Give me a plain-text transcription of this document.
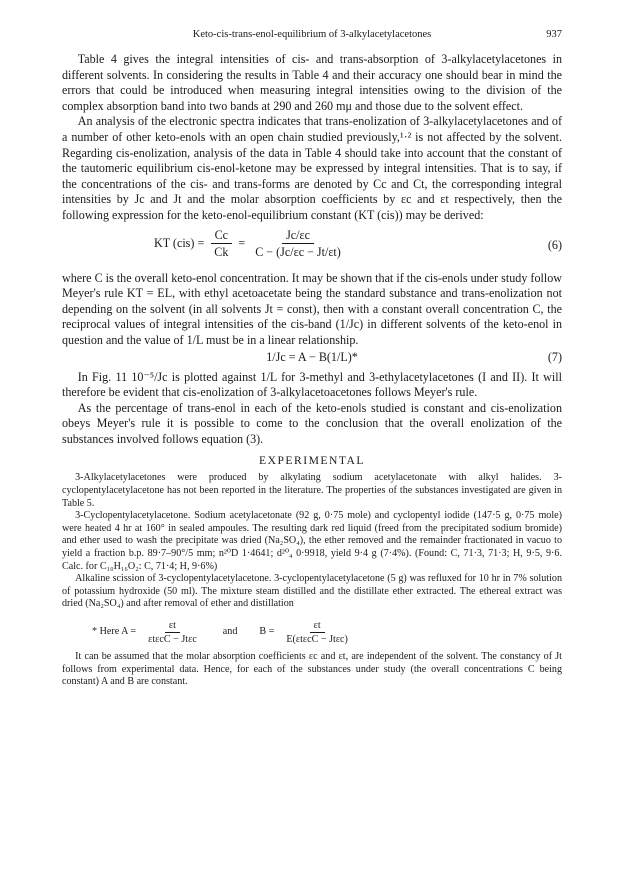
Keto-cis-trans-enol-equilibrium of 3-alkylacetylacetones	937

Table 4 gives the integral intensities of cis- and trans-absorption of 3-alkylacetylacetones in different solvents. In considering the results in Table 4 and their accuracy one should bear in mind the errors that could be introduced when measuring integral intensities owing to the division of the complex absorption band into two bands at 290 and 260 mμ and those due to the solvent effect.

An analysis of the electronic spectra indicates that trans-enolization of 3-alkylacetylacetones and of a number of other keto-enols with an open chain studied previously,¹·² is not affected by the solvent. Regarding cis-enolization, analysis of the data in Table 4 should take into account that the constant of the tautomeric equilibrium cis-enol-ketone may be expressed by integral intensities. That is to say, if the concentrations of the cis- and trans-forms are denoted by Cc and Ct, the corresponding integral intensities by Jc and Jt and the molar absorption coefficients by εc and εt respectively, then the following expression for the keto-enol-equilibrium constant (KT (cis)) may be derived:

KT $(cis) = \frac{Cc}{Ck} = \frac{Jc/\varepsilon c}{C - (Jc/\varepsilon c - Jt/\varepsilon t)}$	(6)

where C is the overall keto-enol concentration. It may be shown that if the cis-enols under study follow Meyer's rule KT = EL, with ethyl acetoacetate being the standard substance and trans-enolization not depending on the solvent (in all solvents Jt = const), then with a constant overall concentration C, the reciprocal values of integral intensities of the cis-band (1/Jc) in different solvents of the keto-enol in question and the value of 1/L must be in a linear relationship.

1/Jc = A − B(1/L)*	(7)

In Fig. 11 10⁻⁵/Jc is plotted against 1/L for 3-methyl and 3-ethylacetylacetones (I and II). It will therefore be evident that cis-enolization of 3-alkylacetoacetones follows Meyer's rule.

As the percentage of trans-enol in each of the keto-enols studied is constant and cis-enolization obeys Meyer's rule it is possible to come to the conclusion that the overall enolization of the substances involved follows equation (3).

EXPERIMENTAL

3-Alkylacetylacetones were produced by alkylating sodium acetylacetonate with alkyl halides. 3-cyclopentylacetylacetone has not been reported in the literature. The properties of the substances investigated are given in Table 5.

3-Cyclopentylacetylacetone. Sodium acetylacetonate (92 g, 0·75 mole) and cyclopentyl iodide (147·5 g, 0·75 mole) were heated 4 hr at 160° in sealed ampoules. The resulting dark red liquid (freed from the precipitated sodium bromide) and ether used to wash the precipitate was dried (Na₂SO₄), the ether removed and the remainder fractionated in vacuo to yield a fraction b.p. 89·7–90°/5 mm; n²⁰D 1·4641; d²⁰₄ 0·9918, yield 9·4 g (7·4%). (Found: C, 71·3, 71·3; H, 9·5, 9·6. Calc. for C₁₀H₁₆O₂: C, 71·4; H, 9·6%)

Alkaline scission of 3-cyclopentylacetylacetone. 3-cyclopentylacetylacetone (5 g) was refluxed for 10 hr in 7% solution of potassium hydroxide (50 ml). The mixture steam distilled and the distillate ether extracted. The ethereal extract was dried (Na₂SO₄) and after removal of ether and distillation

* Here $A = \frac{\varepsilon t}{\text{εtεcC − Jtεc}}$ and $B = \frac{\varepsilon t}{\text{E(εtεcC − Jtεc)}}$

It can be assumed that the molar absorption coefficients εc and εt, are independent of the solvent. The constancy of Jt follows from experimental data. Hence, for each of the substances under study (the overall concentrations C being constant) A and B are constant.
